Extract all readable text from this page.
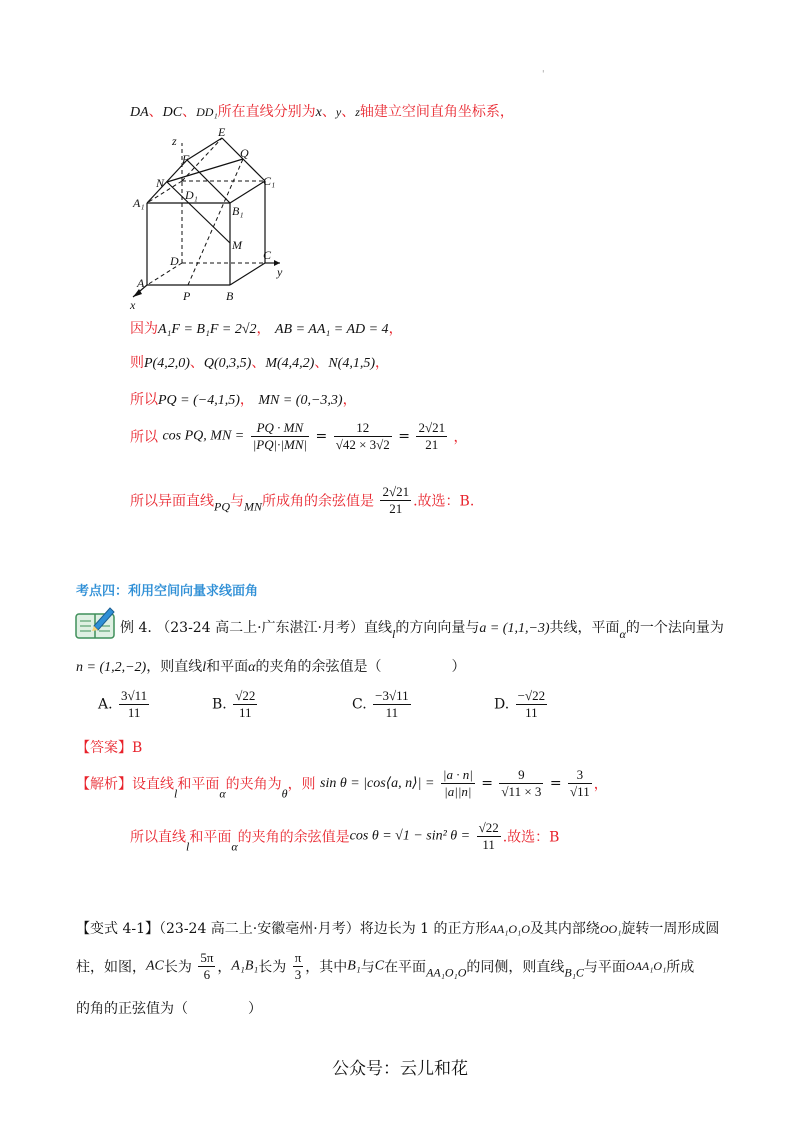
'
DA、DC、DD₁所在直线分别为x、y、z轴建立空间直角坐标系，
z
E
Q
F
N	C₁
D₁
A₁
B₁
M
D	C
y
A
P	B
x
因为A₁F = B₁F = 2√2， AB = AA₁ = AD = 4，
则P(4,2,0)、Q(0,3,5)、M(4,4,2)、N(4,1,5)，
所以PQ = (−4,1,5)， MN = (0,−3,3)，
所以 cos PQ, MN = $\frac{PQ \cdot MN}{|PQ|\cdot|MN|} = \frac{12}{√42 \times 3√2} = \frac{2√21}{21}$ ，
所以异面直线PQ与MN所成角的余弦值是 $\frac{2√21}{21}$ .故选：B.
考点四：利用空间向量求线面角
例 4. （23-24 高二上·广东湛江·月考）直线l的方向向量与a = (1,1,−3)共线，平面α的一个法向量为
n = (1,2,−2)，则直线l和平面α的夹角的余弦值是（	）
A. $\frac{3√11}{11}$	B. $\frac{√22}{11}$	C. $\frac{-3√11}{11}$	D. $\frac{-√22}{11}$
【答案】B
【解析】设直线l和平面α的夹角为θ，则 sin θ = |cos⟨a, n⟩| = $\frac{|a \cdot n|}{|a||n|} = \frac{9}{√11 \times 3} = \frac{3}{√11}$ ，
所以直线l和平面α的夹角的余弦值是cos θ = √1 − sin² $\theta = \frac{√22}{11}$ .故选：B
【变式 4-1】（23-24 高二上·安徽亳州·月考）将边长为 1 的正方形AA₁O₁O及其内部绕OO₁旋转一周形成圆
柱，如图，AC长为 $\frac{5\pi}{6}$ ，A₁B₁长为 $\frac{\pi}{3}$ ，其中B₁与C在平面AA₁O₁O的同侧，则直线B₁C与平面OAA₁O₁所成
的角的正弦值为（	）
公众号：云儿和花
